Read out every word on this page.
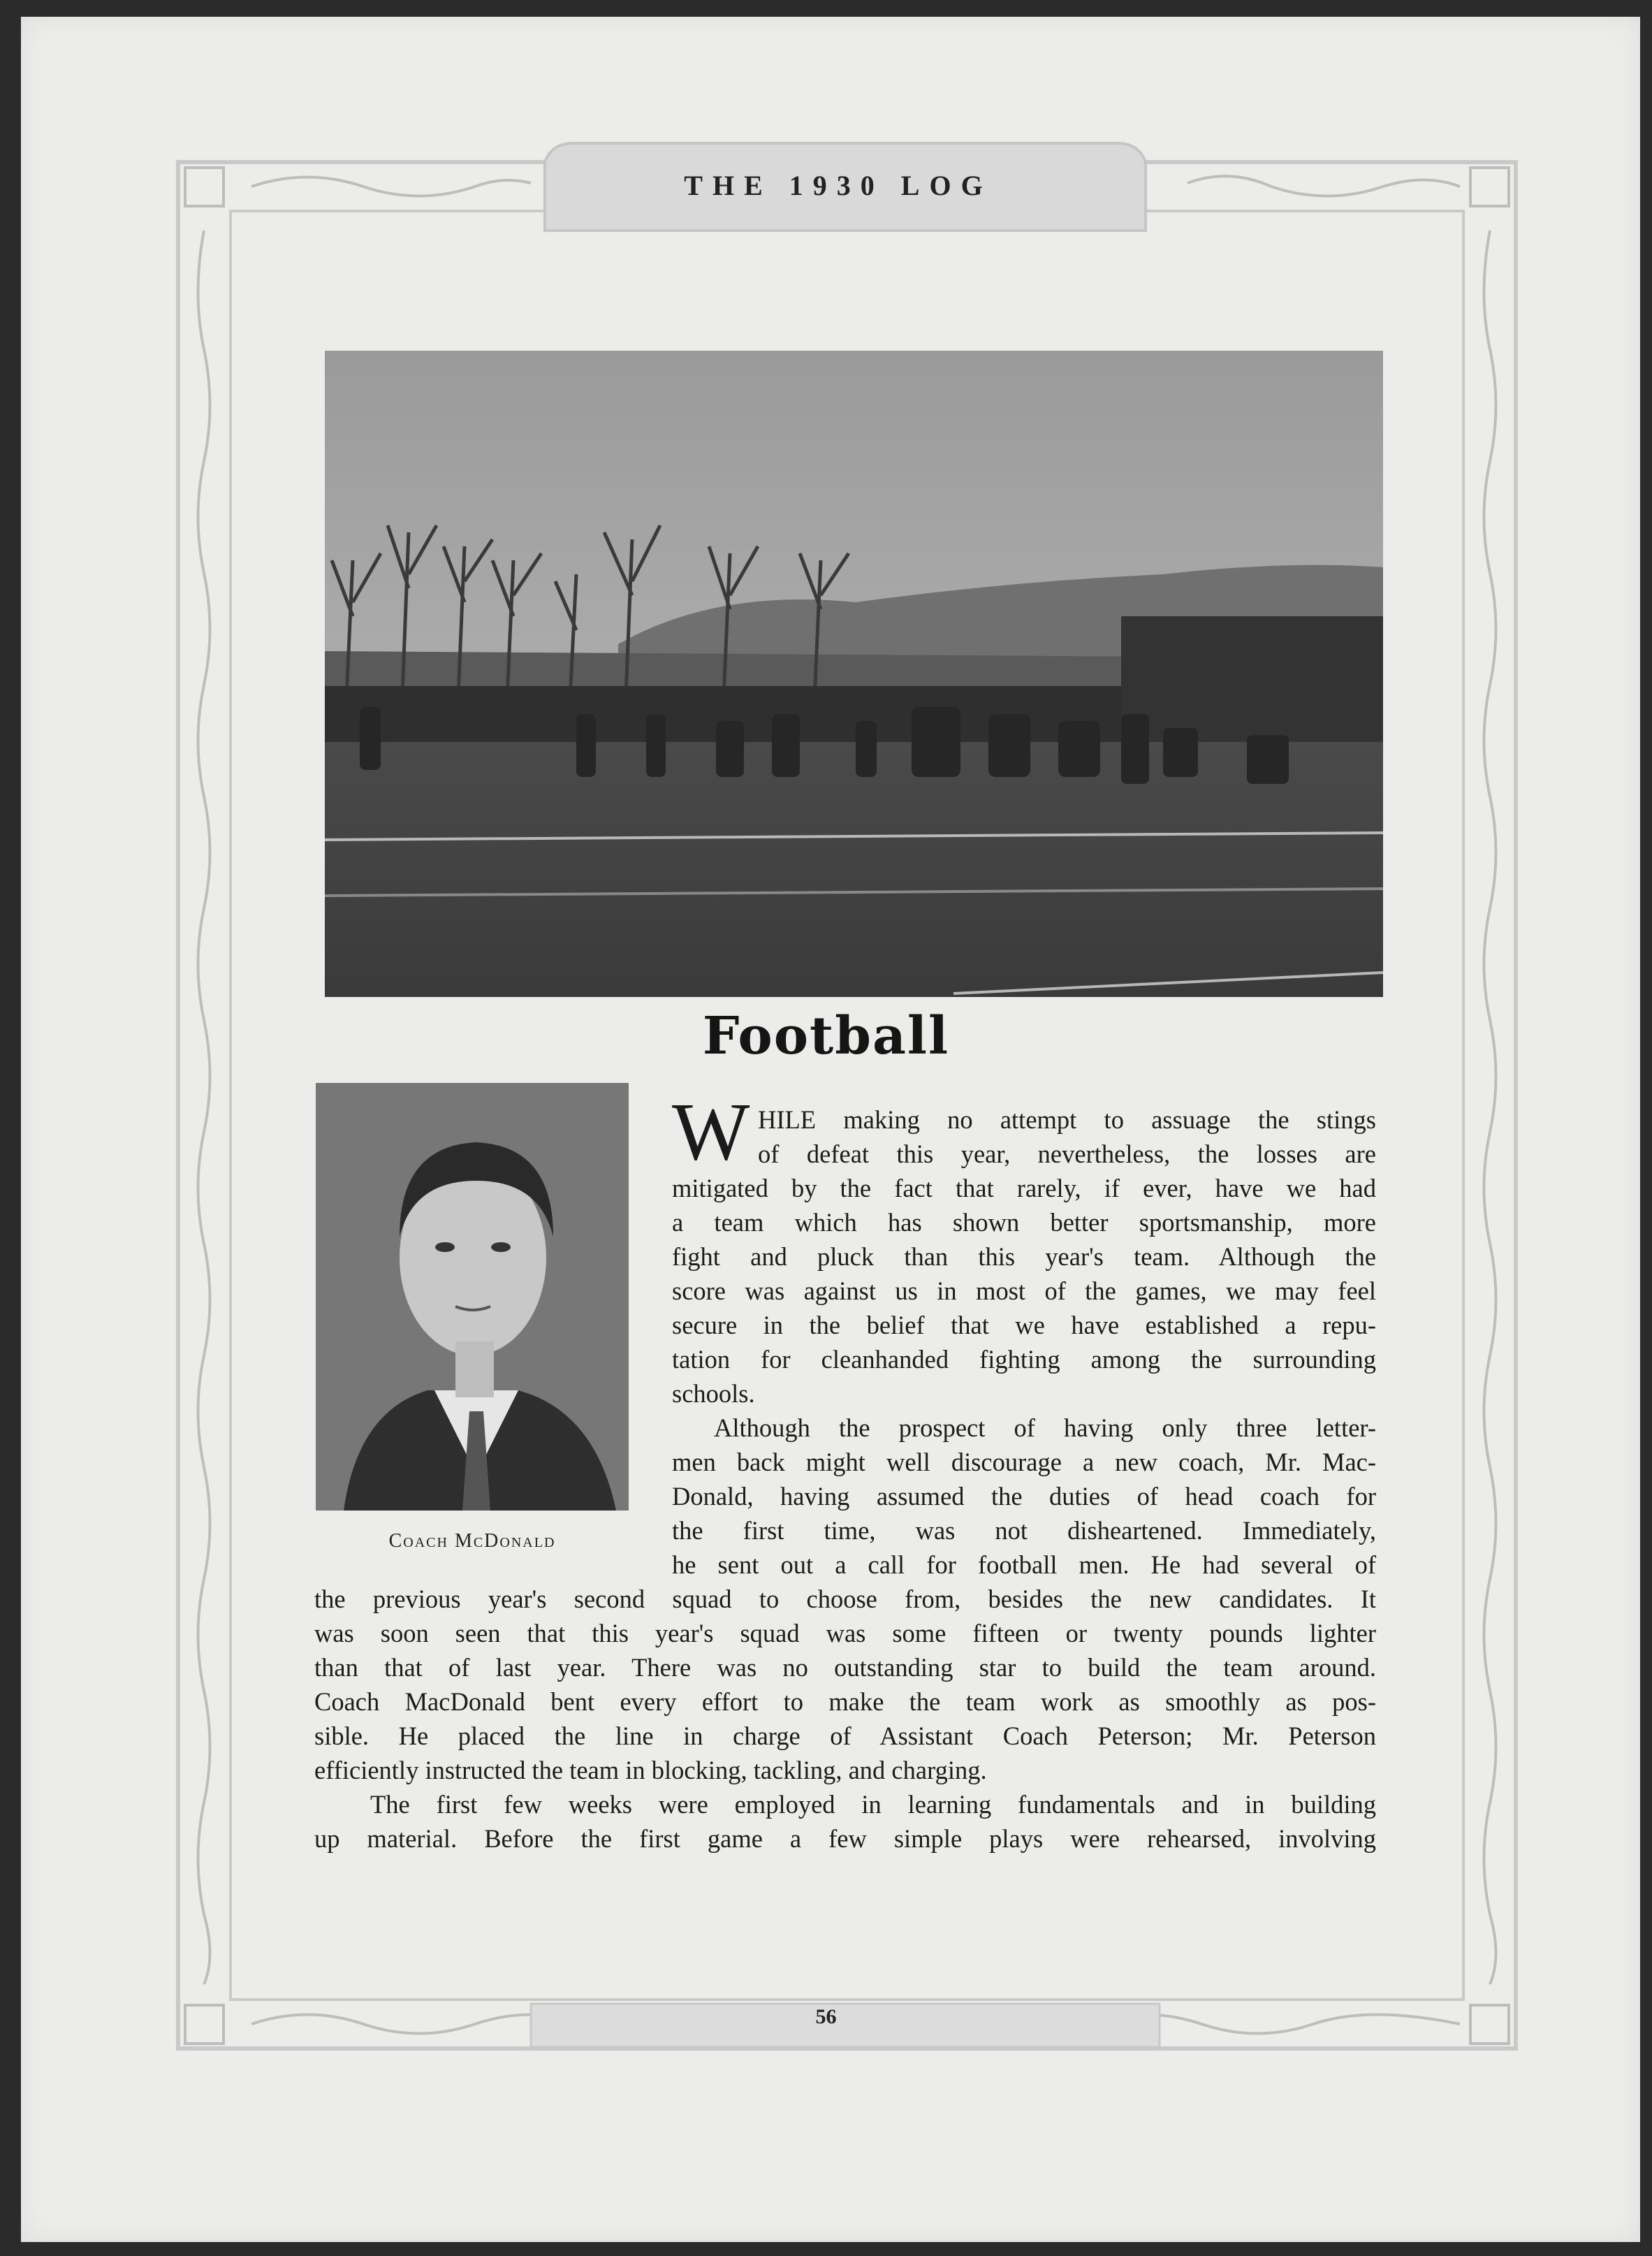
THE 1930 LOG
Football
Coach McDonald
W HILE making no attempt to assuage the stings
of defeat this year, nevertheless, the losses are
mitigated by the fact that rarely, if ever, have we had
a team which has shown better sportsmanship, more
fight and pluck than this year's team. Although the
score was against us in most of the games, we may feel
secure in the belief that we have established a repu-
tation for cleanhanded fighting among the surrounding
schools.
Although the prospect of having only three letter-
men back might well discourage a new coach, Mr. Mac-
Donald, having assumed the duties of head coach for
the first time, was not disheartened. Immediately,
he sent out a call for football men. He had several of
the previous year's second squad to choose from, besides the new candidates. It
was soon seen that this year's squad was some fifteen or twenty pounds lighter
than that of last year. There was no outstanding star to build the team around.
Coach MacDonald bent every effort to make the team work as smoothly as pos-
sible. He placed the line in charge of Assistant Coach Peterson; Mr. Peterson
efficiently instructed the team in blocking, tackling, and charging.
The first few weeks were employed in learning fundamentals and in building
up material. Before the first game a few simple plays were rehearsed, involving
56
